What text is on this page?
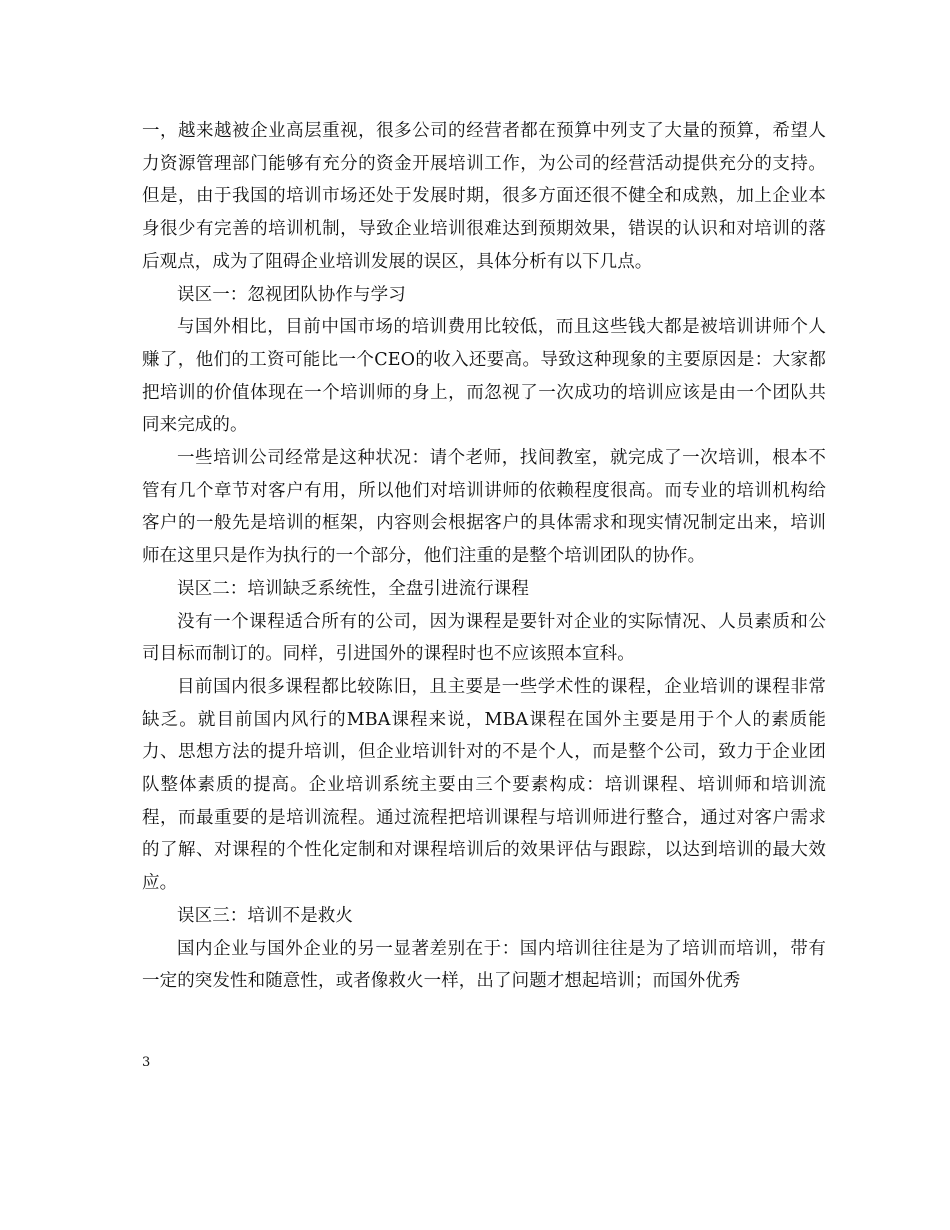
一，越来越被企业高层重视，很多公司的经营者都在预算中列支了大量的预算，希望人力资源管理部门能够有充分的资金开展培训工作，为公司的经营活动提供充分的支持。但是，由于我国的培训市场还处于发展时期，很多方面还很不健全和成熟，加上企业本身很少有完善的培训机制，导致企业培训很难达到预期效果，错误的认识和对培训的落后观点，成为了阻碍企业培训发展的误区，具体分析有以下几点。

误区一：忽视团队协作与学习

与国外相比，目前中国市场的培训费用比较低，而且这些钱大都是被培训讲师个人赚了，他们的工资可能比一个CEO的收入还要高。导致这种现象的主要原因是：大家都把培训的价值体现在一个培训师的身上，而忽视了一次成功的培训应该是由一个团队共同来完成的。

一些培训公司经常是这种状况：请个老师，找间教室，就完成了一次培训，根本不管有几个章节对客户有用，所以他们对培训讲师的依赖程度很高。而专业的培训机构给客户的一般先是培训的框架，内容则会根据客户的具体需求和现实情况制定出来，培训师在这里只是作为执行的一个部分，他们注重的是整个培训团队的协作。

误区二：培训缺乏系统性，全盘引进流行课程

没有一个课程适合所有的公司，因为课程是要针对企业的实际情况、人员素质和公司目标而制订的。同样，引进国外的课程时也不应该照本宣科。

目前国内很多课程都比较陈旧，且主要是一些学术性的课程，企业培训的课程非常缺乏。就目前国内风行的MBA课程来说，MBA课程在国外主要是用于个人的素质能力、思想方法的提升培训，但企业培训针对的不是个人，而是整个公司，致力于企业团队整体素质的提高。企业培训系统主要由三个要素构成：培训课程、培训师和培训流程，而最重要的是培训流程。通过流程把培训课程与培训师进行整合，通过对客户需求的了解、对课程的个性化定制和对课程培训后的效果评估与跟踪，以达到培训的最大效应。

误区三：培训不是救火

国内企业与国外企业的另一显著差别在于：国内培训往往是为了培训而培训，带有一定的突发性和随意性，或者像救火一样，出了问题才想起培训；而国外优秀

3
